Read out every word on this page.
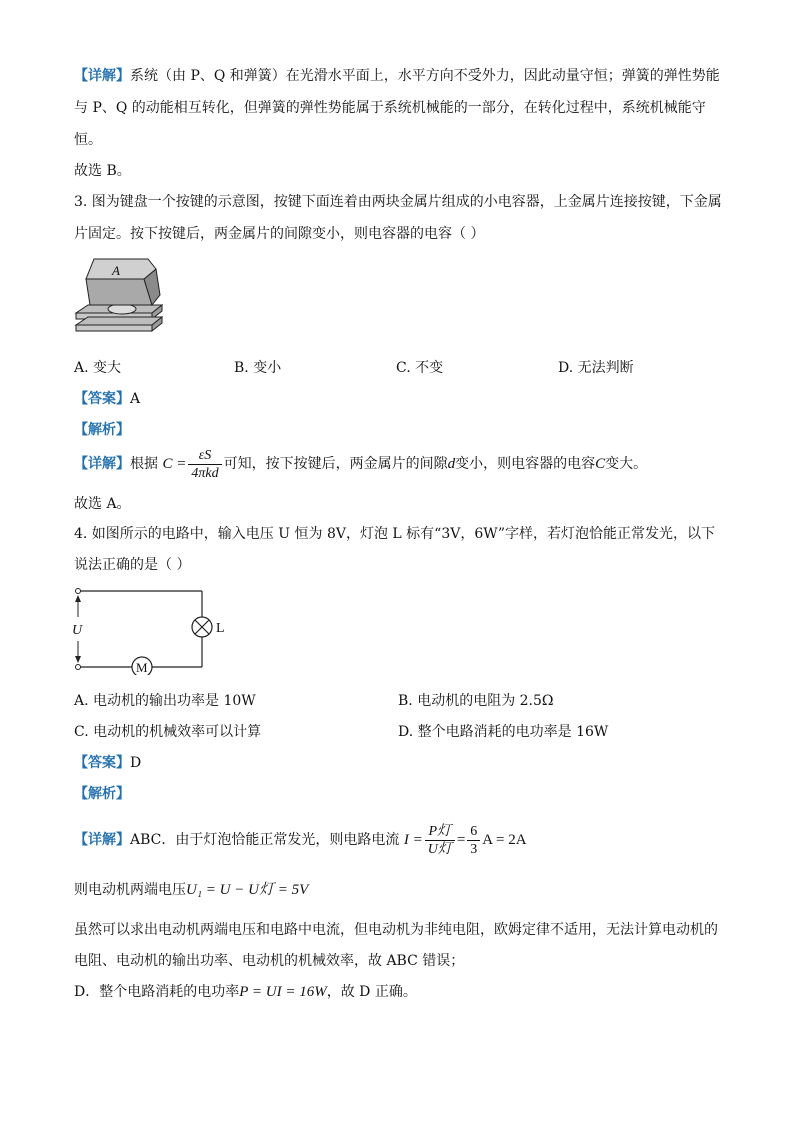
【详解】系统（由 P、Q 和弹簧）在光滑水平面上，水平方向不受外力，因此动量守恒；弹簧的弹性势能
与 P、Q 的动能相互转化，但弹簧的弹性势能属于系统机械能的一部分，在转化过程中，系统机械能守
恒。
故选 B。
3. 图为键盘一个按键的示意图，按键下面连着由两块金属片组成的小电容器，上金属片连接按键，下金属
片固定。按下按键后，两金属片的间隙变小，则电容器的电容（ ）
A
A. 变大	B. 变小	C. 不变	D. 无法判断
【答案】A
【解析】
【详解】根据 $C = \frac{\varepsilon S}{\text{4πkd}}$ 可知，按下按键后，两金属片的间隙d变小，则电容器的电容C变大。
故选 A。
4. 如图所示的电路中，输入电压 U 恒为 8V，灯泡 L 标有“3V，6W”字样，若灯泡恰能正常发光，以下
说法正确的是（ ）
U	L
M
A. 电动机的输出功率是 10W	B. 电动机的电阻为 2.5Ω
C. 电动机的机械效率可以计算	D. 整个电路消耗的电功率是 16W
【答案】D
【解析】
【详解】ABC．由于灯泡恰能正常发光，则电路电流 $I = \frac{\text{P灯}}{\text{U灯}} = \frac{6}{3}$ A = 2A
则电动机两端电压U₁ = U − U灯 = 5V
虽然可以求出电动机两端电压和电路中电流，但电动机为非纯电阻，欧姆定律不适用，无法计算电动机的
电阻、电动机的输出功率、电动机的机械效率，故 ABC 错误；
D．整个电路消耗的电功率P = UI = 16W，故 D 正确。
